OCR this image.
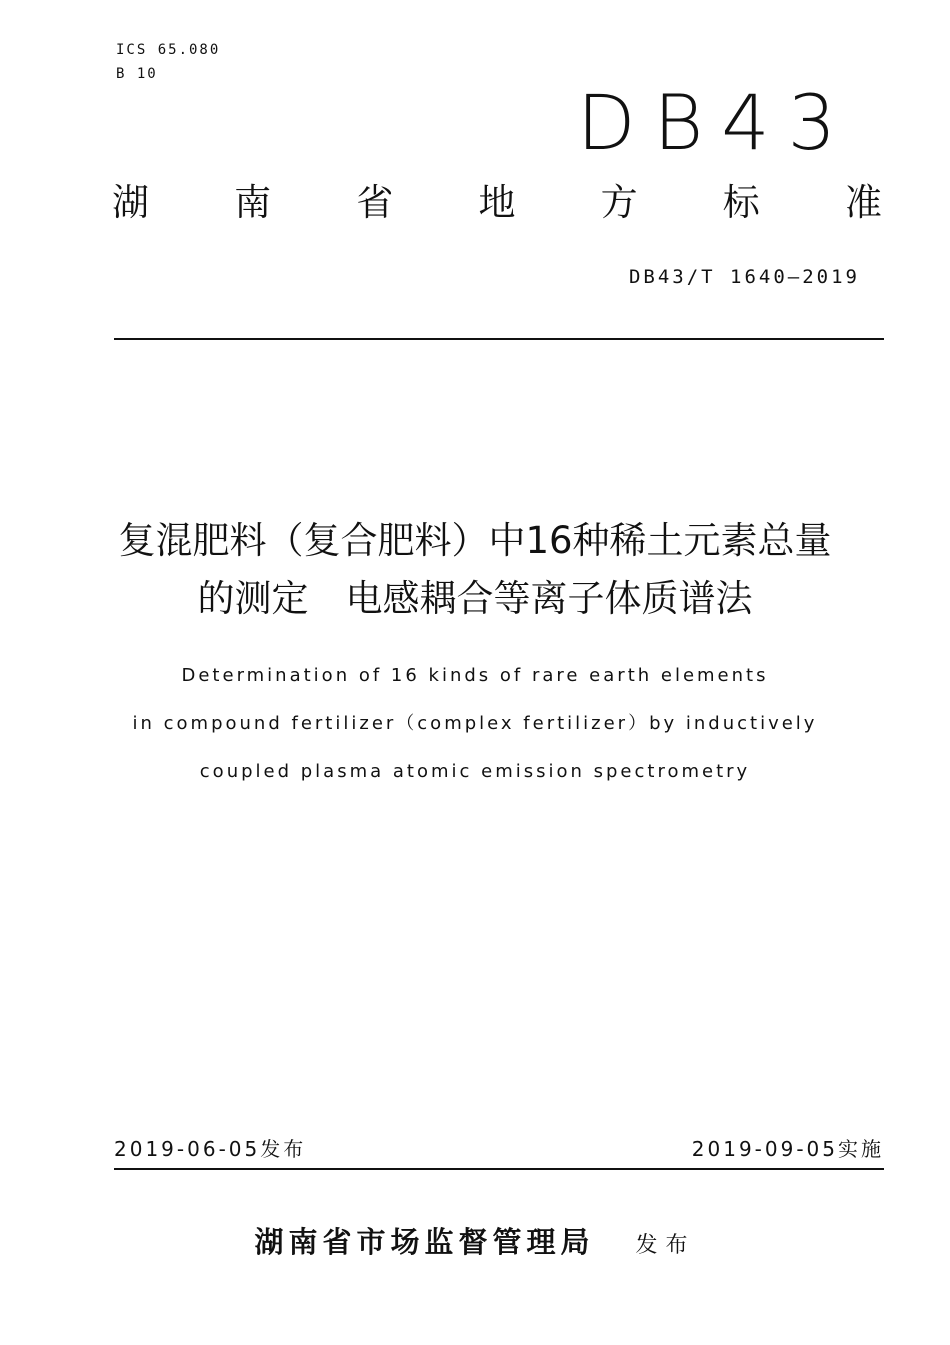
ICS 65.080
B 10
DB43
湖 南 省 地 方 标 准
DB43/T 1640—2019
复混肥料（复合肥料）中16种稀土元素总量
的测定　电感耦合等离子体质谱法
Determination of 16 kinds of rare earth elements
in compound fertilizer（complex fertilizer）by inductively
coupled plasma atomic emission spectrometry
2019-06-05发布	2019-09-05实施
湖南省市场监督管理局 发布
